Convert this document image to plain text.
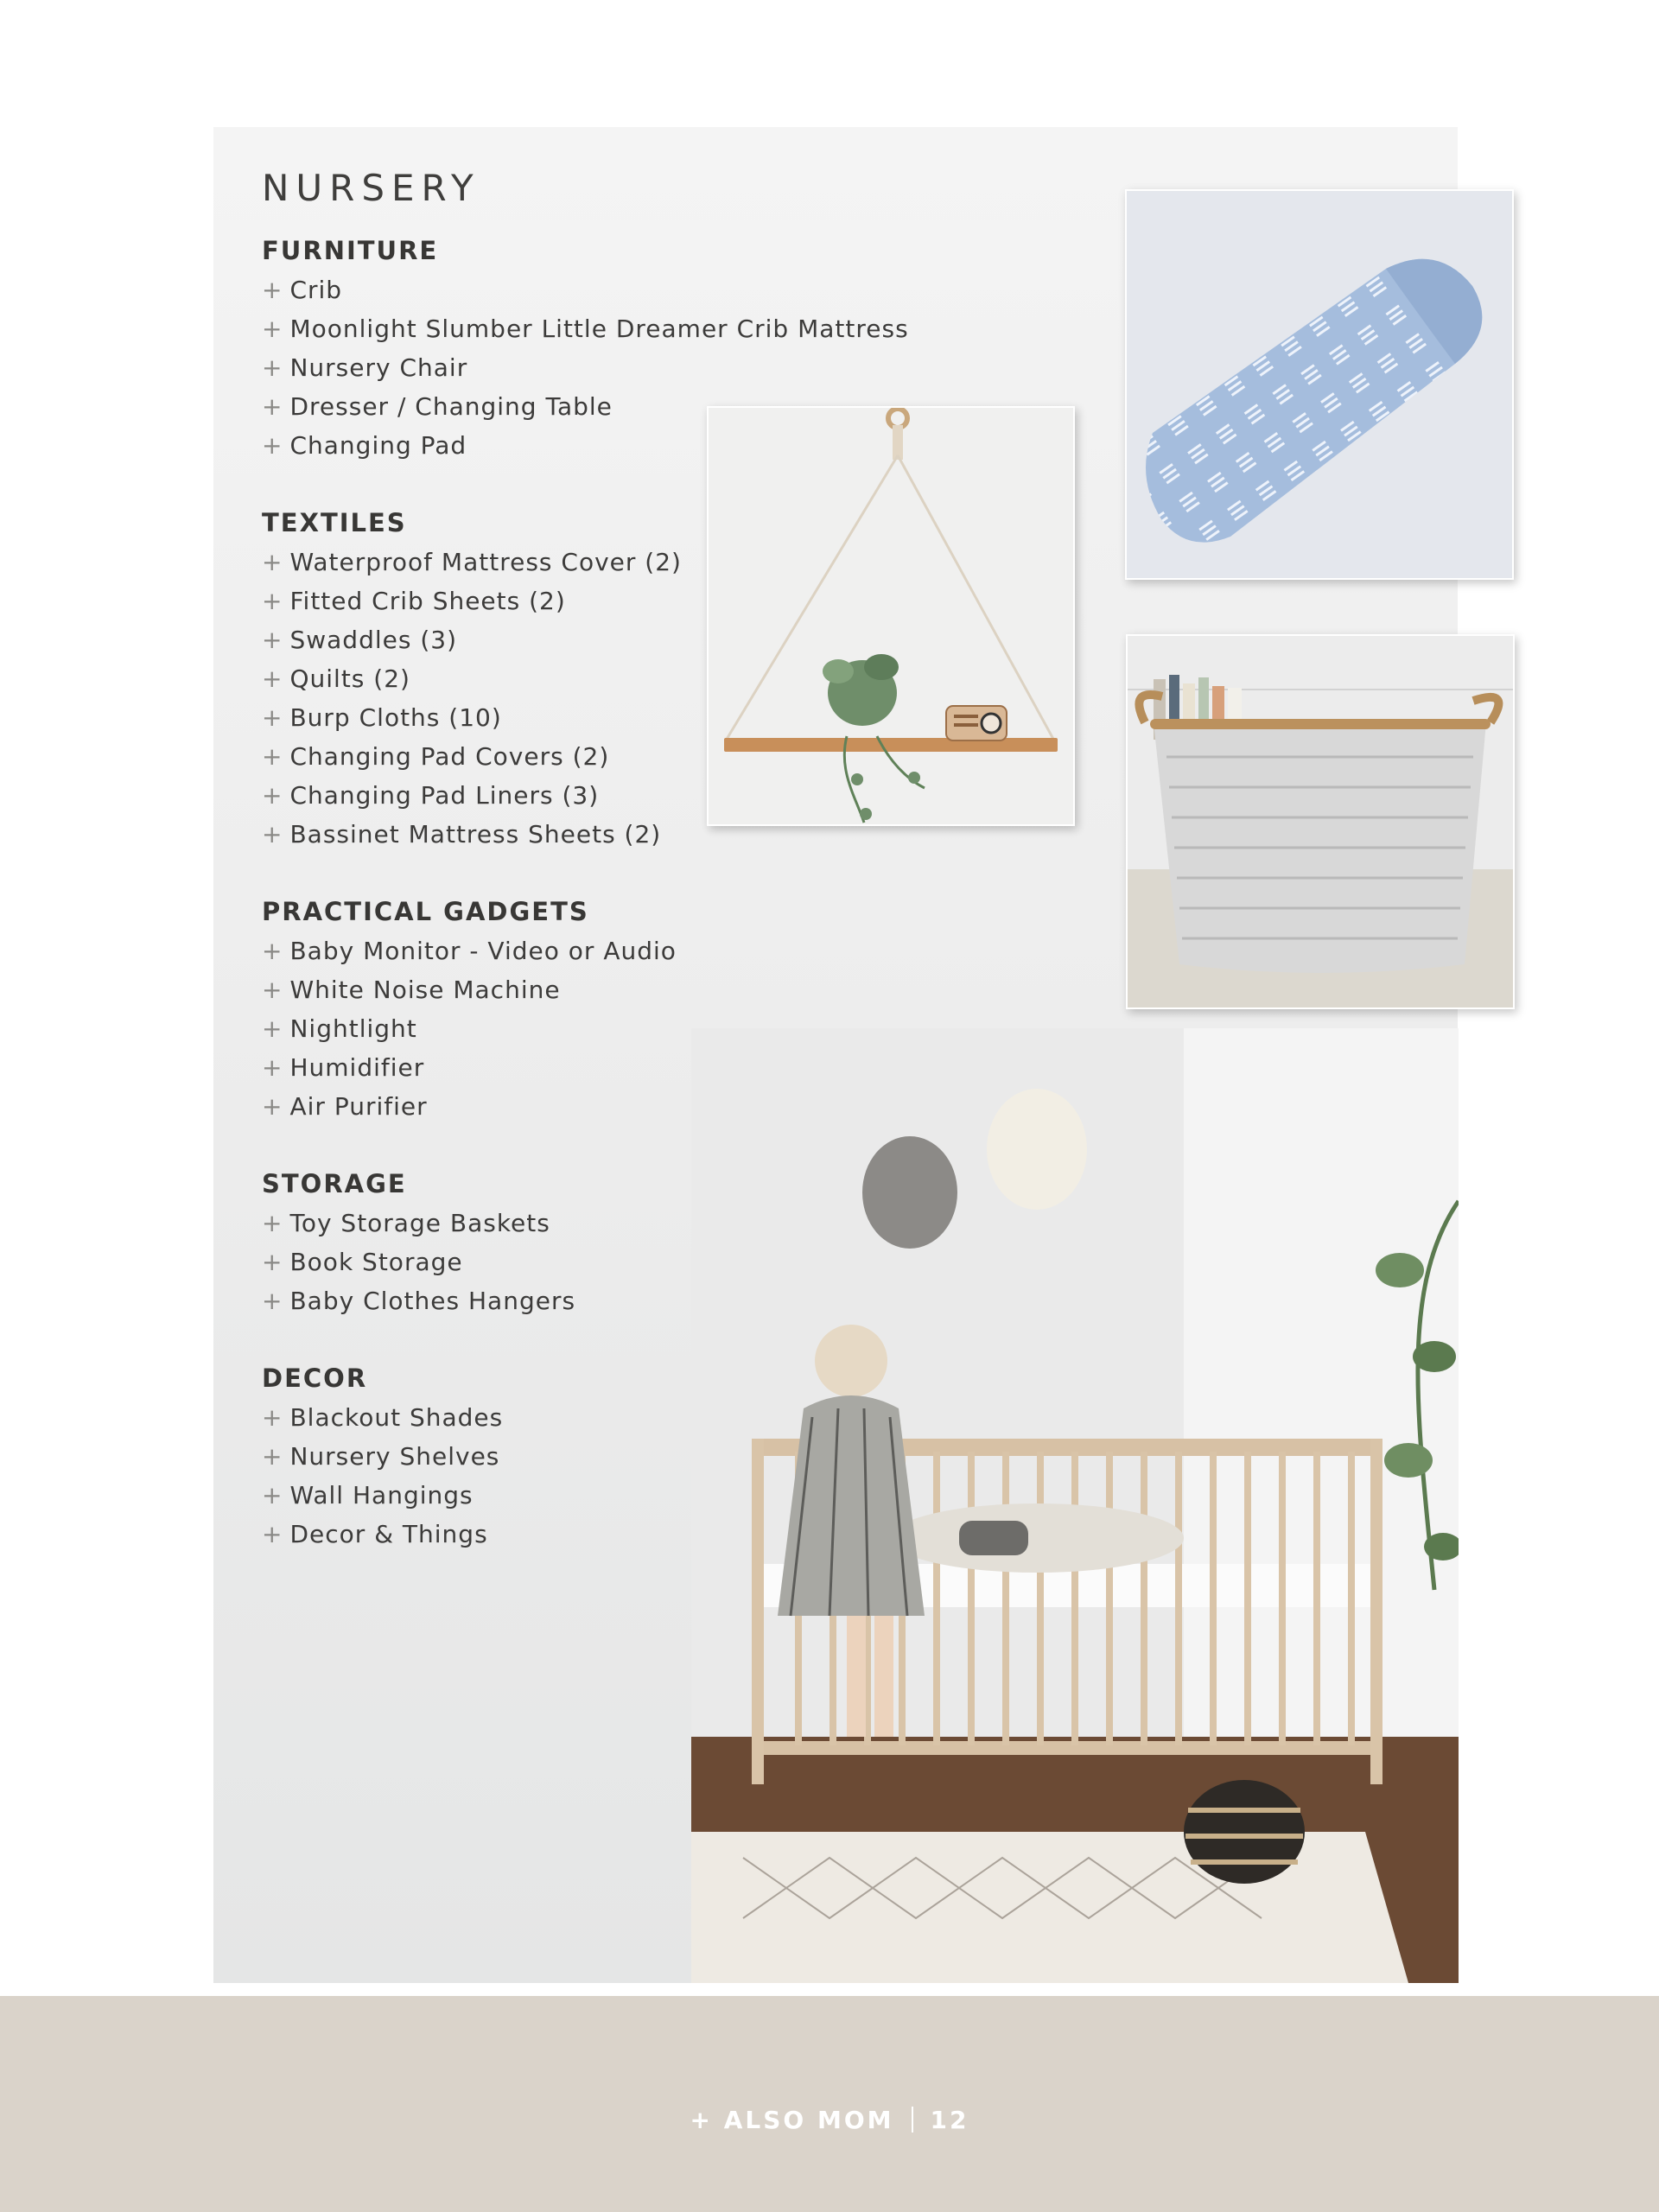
NURSERY
FURNITURE
+ Crib
+ Moonlight Slumber Little Dreamer Crib Mattress
+ Nursery Chair
+ Dresser / Changing Table
+ Changing Pad
TEXTILES
+ Waterproof Mattress Cover (2)
+ Fitted Crib Sheets (2)
+ Swaddles (3)
+ Quilts (2)
+ Burp Cloths (10)
+ Changing Pad Covers (2)
+ Changing Pad Liners (3)
+ Bassinet Mattress Sheets (2)
PRACTICAL GADGETS
+ Baby Monitor - Video or Audio
+ White Noise Machine
+ Nightlight
+ Humidifier
+ Air Purifier
STORAGE
+ Toy Storage Baskets
+ Book Storage
+ Baby Clothes Hangers
DECOR
+ Blackout Shades
+ Nursery Shelves
+ Wall Hangings
+ Decor & Things
+ ALSO MOM 12
